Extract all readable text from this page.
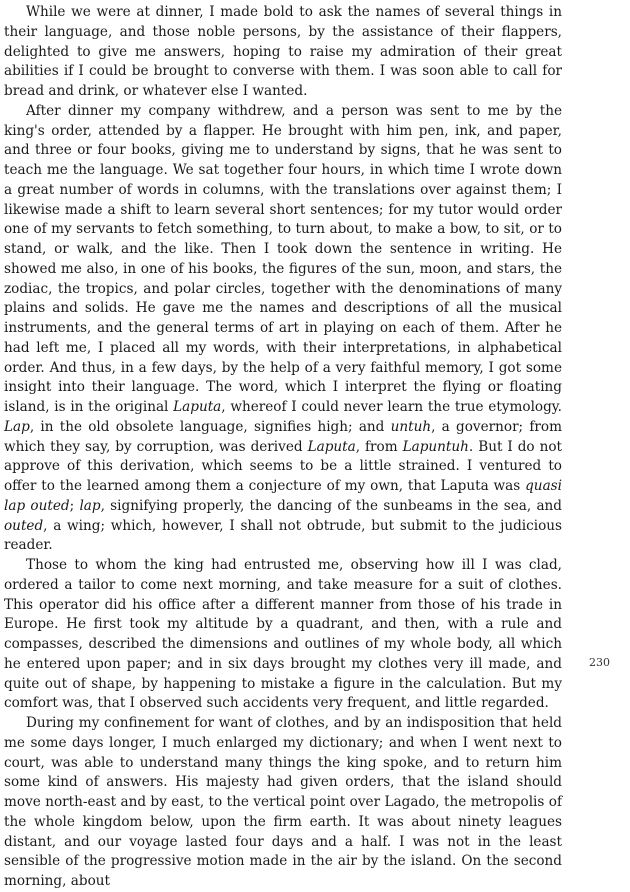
While we were at dinner, I made bold to ask the names of several things in their language, and those noble persons, by the assistance of their flappers, delighted to give me answers, hoping to raise my admiration of their great abilities if I could be brought to converse with them. I was soon able to call for bread and drink, or whatever else I wanted.

After dinner my company withdrew, and a person was sent to me by the king's order, attended by a flapper. He brought with him pen, ink, and paper, and three or four books, giving me to understand by signs, that he was sent to teach me the language. We sat together four hours, in which time I wrote down a great number of words in columns, with the translations over against them; I likewise made a shift to learn several short sentences; for my tutor would order one of my servants to fetch something, to turn about, to make a bow, to sit, or to stand, or walk, and the like. Then I took down the sentence in writing. He showed me also, in one of his books, the figures of the sun, moon, and stars, the zodiac, the tropics, and polar circles, together with the denominations of many plains and solids. He gave me the names and descriptions of all the musical instruments, and the general terms of art in playing on each of them. After he had left me, I placed all my words, with their interpretations, in alphabetical order. And thus, in a few days, by the help of a very faithful memory, I got some insight into their language. The word, which I interpret the flying or floating island, is in the original Laputa, whereof I could never learn the true etymology. Lap, in the old obsolete language, signifies high; and untuh, a governor; from which they say, by corruption, was derived Laputa, from Lapuntuh. But I do not approve of this derivation, which seems to be a little strained. I ventured to offer to the learned among them a conjecture of my own, that Laputa was quasi lap outed; lap, signifying properly, the dancing of the sunbeams in the sea, and outed, a wing; which, however, I shall not obtrude, but submit to the judicious reader.

Those to whom the king had entrusted me, observing how ill I was clad, ordered a tailor to come next morning, and take measure for a suit of clothes. This operator did his office after a different manner from those of his trade in Europe. He first took my altitude by a quadrant, and then, with a rule and compasses, described the dimensions and outlines of my whole body, all which he entered upon paper; and in six days brought my clothes very ill made, and quite out of shape, by happening to mistake a figure in the calculation. But my comfort was, that I observed such accidents very frequent, and little regarded.

During my confinement for want of clothes, and by an indisposition that held me some days longer, I much enlarged my dictionary; and when I went next to court, was able to understand many things the king spoke, and to return him some kind of answers. His majesty had given orders, that the island should move north-east and by east, to the vertical point over Lagado, the metropolis of the whole kingdom below, upon the firm earth. It was about ninety leagues distant, and our voyage lasted four days and a half. I was not in the least sensible of the progressive motion made in the air by the island. On the second morning, about

230
